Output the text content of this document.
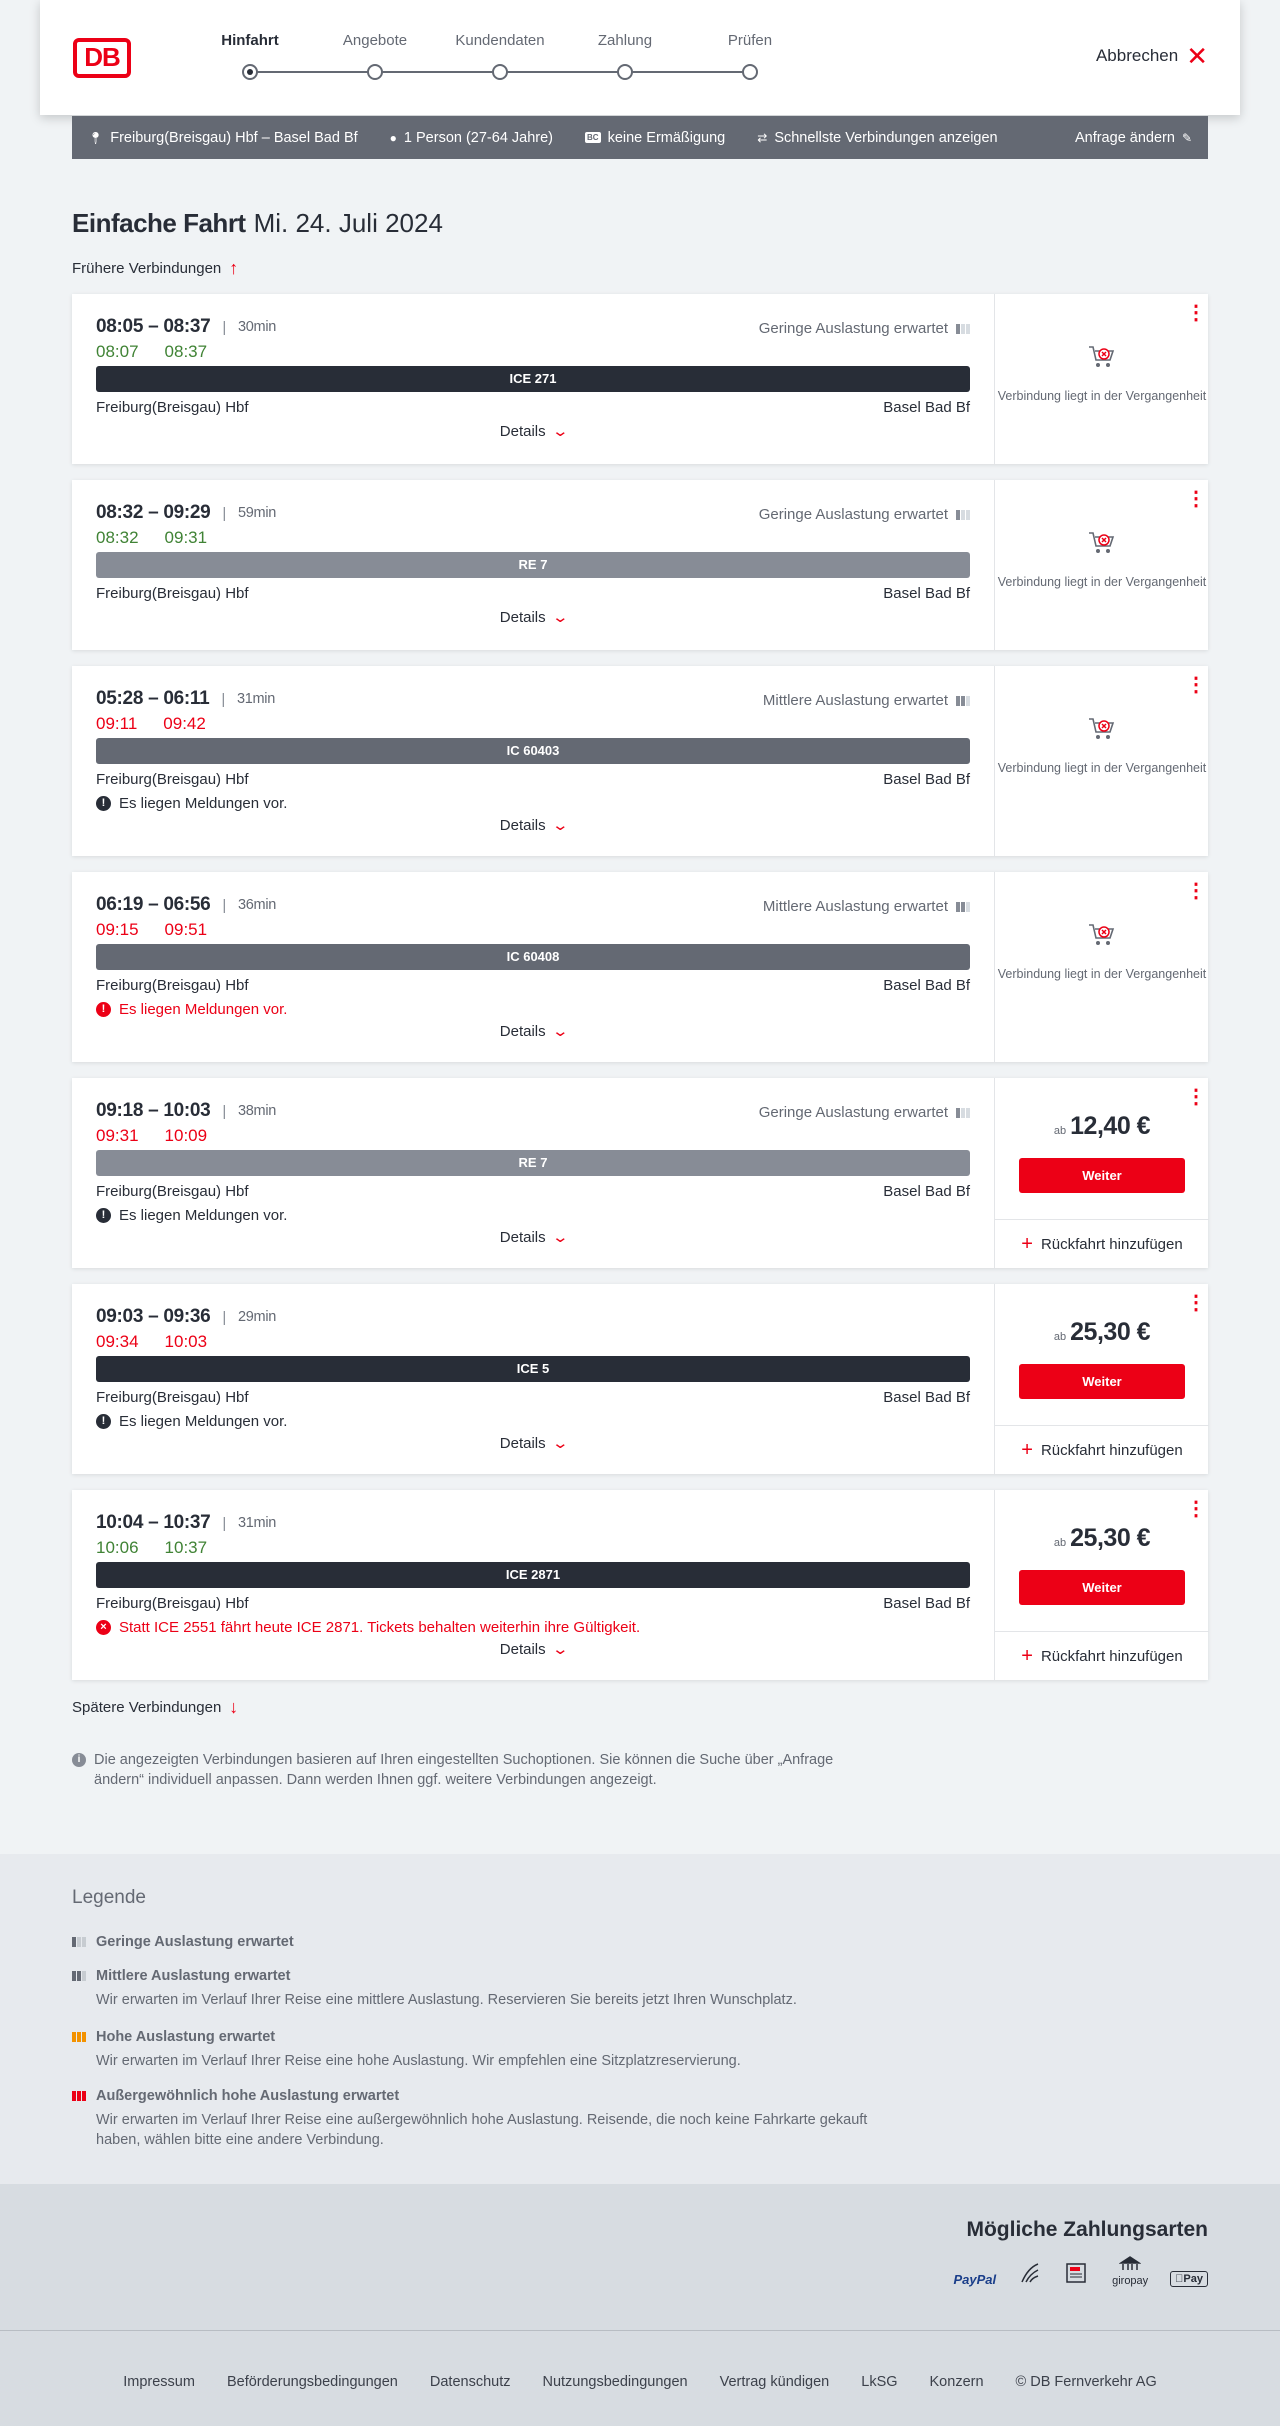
DB
Hinfahrt	Angebote	Kundendaten	Zahlung	Prüfen
Abbrechen ✕
📍︎ Freiburg(Breisgau) Hbf – Basel Bad Bf	● 1 Person (27-64 Jahre)	BC keine Ermäßigung	⇄ Schnellste Verbindungen anzeigen	Anfrage ändern ✎
Einfache Fahrt Mi. 24. Juli 2024
Frühere Verbindungen ↑
08:05 – 08:37 | 30min
08:07 08:37
Geringe Auslastung erwartet
ICE 271
Freiburg(Breisgau) Hbf	Basel Bad Bf
Details ⌄
⋮
Verbindung liegt in der Vergangenheit
08:32 – 09:29 | 59min
08:32 09:31
Geringe Auslastung erwartet
RE 7
Freiburg(Breisgau) Hbf	Basel Bad Bf
Details ⌄
⋮
Verbindung liegt in der Vergangenheit
05:28 – 06:11 | 31min
09:11 09:42
Mittlere Auslastung erwartet
IC 60403
Freiburg(Breisgau) Hbf	Basel Bad Bf
! Es liegen Meldungen vor.
Details ⌄
⋮
Verbindung liegt in der Vergangenheit
06:19 – 06:56 | 36min
09:15 09:51
Mittlere Auslastung erwartet
IC 60408
Freiburg(Breisgau) Hbf	Basel Bad Bf
! Es liegen Meldungen vor.
Details ⌄
⋮
Verbindung liegt in der Vergangenheit
09:18 – 10:03 | 38min
09:31 10:09
Geringe Auslastung erwartet
RE 7
Freiburg(Breisgau) Hbf	Basel Bad Bf
! Es liegen Meldungen vor.
Details ⌄
⋮
ab 12,40 €
Weiter
+ Rückfahrt hinzufügen
09:03 – 09:36 | 29min
09:34 10:03
ICE 5
Freiburg(Breisgau) Hbf	Basel Bad Bf
! Es liegen Meldungen vor.
Details ⌄
⋮
ab 25,30 €
Weiter
+ Rückfahrt hinzufügen
10:04 – 10:37 | 31min
10:06 10:37
ICE 2871
Freiburg(Breisgau) Hbf	Basel Bad Bf
× Statt ICE 2551 fährt heute ICE 2871. Tickets behalten weiterhin ihre Gültigkeit.
Details ⌄
⋮
ab 25,30 €
Weiter
+ Rückfahrt hinzufügen
Spätere Verbindungen ↓
i Die angezeigten Verbindungen basieren auf Ihren eingestellten Suchoptionen. Sie können die Suche über „Anfrage ändern“ individuell anpassen. Dann werden Ihnen ggf. weitere Verbindungen angezeigt.
Legende
Geringe Auslastung erwartet
Mittlere Auslastung erwartet
Wir erwarten im Verlauf Ihrer Reise eine mittlere Auslastung. Reservieren Sie bereits jetzt Ihren Wunschplatz.
Hohe Auslastung erwartet
Wir erwarten im Verlauf Ihrer Reise eine hohe Auslastung. Wir empfehlen eine Sitzplatzreservierung.
Außergewöhnlich hohe Auslastung erwartet
Wir erwarten im Verlauf Ihrer Reise eine außergewöhnlich hohe Auslastung. Reisende, die noch keine Fahrkarte gekauft haben, wählen bitte eine andere Verbindung.
Mögliche Zahlungsarten
PayPal	giropay	Pay
Impressum Beförderungsbedingungen Datenschutz Nutzungsbedingungen Vertrag kündigen LkSG Konzern © DB Fernverkehr AG
